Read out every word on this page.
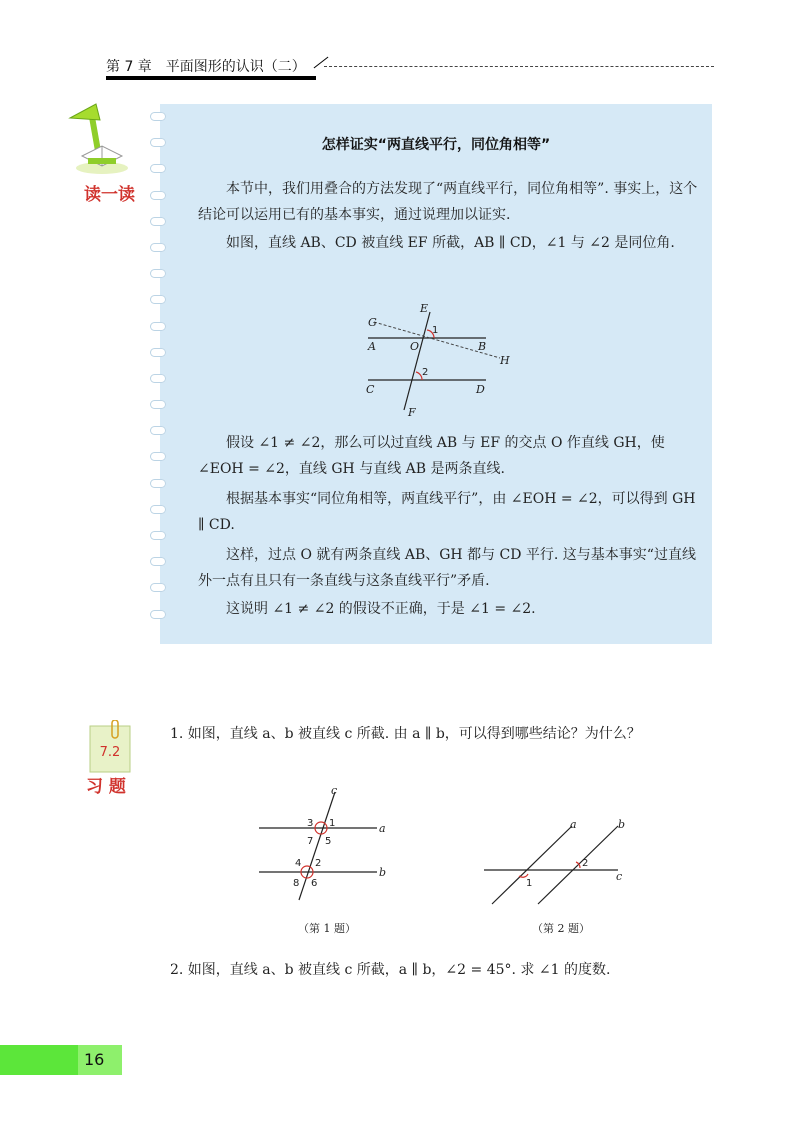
第 7 章　平面图形的认识（二）
读一读
怎样证实“两直线平行，同位角相等”
本节中，我们用叠合的方法发现了“两直线平行，同位角相等”. 事实上，这个结论可以运用已有的基本事实，通过说理加以证实.
如图，直线 AB、CD 被直线 EF 所截，AB ∥ CD，∠1 与 ∠2 是同位角.
E
G
1
A	O	B
H
2
C	D
F
假设 ∠1 ≠ ∠2，那么可以过直线 AB 与 EF 的交点 O 作直线 GH，使 ∠EOH = ∠2，直线 GH 与直线 AB 是两条直线.
根据基本事实“同位角相等，两直线平行”，由 ∠EOH = ∠2，可以得到 GH ∥ CD.
这样，过点 O 就有两条直线 AB、GH 都与 CD 平行. 这与基本事实“过直线外一点有且只有一条直线与这条直线平行”矛盾.
这说明 ∠1 ≠ ∠2 的假设不正确，于是 ∠1 = ∠2.
7.2
习 题
1. 如图，直线 a、b 被直线 c 所截. 由 a ∥ b，可以得到哪些结论？为什么？
c
3 1	a
7 5
4 2
b
8 6
a	b
2
c
1
（第 1 题）	（第 2 题）
2. 如图，直线 a、b 被直线 c 所截，a ∥ b，∠2 = 45°. 求 ∠1 的度数.
16
